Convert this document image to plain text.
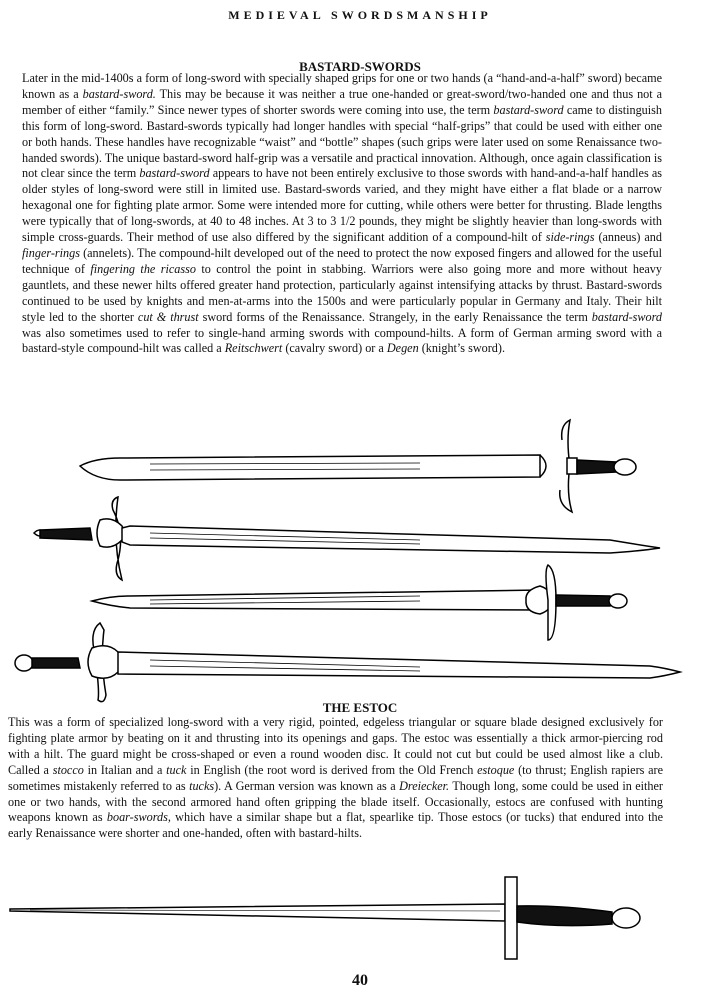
MEDIEVAL SWORDSMANSHIP
BASTARD-SWORDS

Later in the mid-1400s a form of long-sword with specially shaped grips for one or two hands (a “hand-and-a-half” sword) became known as a bastard-sword. This may be because it was neither a true one-handed or great-sword/two-handed one and thus not a member of either “family.” Since newer types of shorter swords were coming into use, the term bastard-sword came to distinguish this form of long-sword. Bastard-swords typically had longer handles with special “half-grips” that could be used with either one or both hands. These handles have recognizable “waist” and “bottle” shapes (such grips were later used on some Renaissance two-handed swords). The unique bastard-sword half-grip was a versatile and practical innovation. Although, once again classification is not clear since the term bastard-sword appears to have not been entirely exclusive to those swords with hand-and-a-half handles as older styles of long-sword were still in limited use. Bastard-swords varied, and they might have either a flat blade or a narrow hexagonal one for fighting plate armor. Some were intended more for cutting, while others were better for thrusting. Blade lengths were typically that of long-swords, at 40 to 48 inches. At 3 to 3 1/2 pounds, they might be slightly heavier than long-swords with simple cross-guards. Their method of use also differed by the significant addition of a compound-hilt of side-rings (anneus) and finger-rings (annelets). The compound-hilt developed out of the need to protect the now exposed fingers and allowed for the useful technique of fingering the ricasso to control the point in stabbing. Warriors were also going more and more without heavy gauntlets, and these newer hilts offered greater hand protection, particularly against intensifying attacks by thrust. Bastard-swords continued to be used by knights and men-at-arms into the 1500s and were particularly popular in Germany and Italy. Their hilt style led to the shorter cut & thrust sword forms of the Renaissance. Strangely, in the early Renaissance the term bastard-sword was also sometimes used to refer to single-hand arming swords with compound-hilts. A form of German arming sword with a bastard-style compound-hilt was called a Reitschwert (cavalry sword) or a Degen (knight’s sword).

THE ESTOC

This was a form of specialized long-sword with a very rigid, pointed, edgeless triangular or square blade designed exclusively for fighting plate armor by beating on it and thrusting into its openings and gaps. The estoc was essentially a thick armor-piercing rod with a hilt. The guard might be cross-shaped or even a round wooden disc. It could not cut but could be used almost like a club. Called a stocco in Italian and a tuck in English (the root word is derived from the Old French estoque (to thrust; English rapiers are sometimes mistakenly referred to as tucks). A German version was known as a Dreiecker. Though long, some could be used in either one or two hands, with the second armored hand often gripping the blade itself. Occasionally, estocs are confused with hunting weapons known as boar-swords, which have a similar shape but a flat, spearlike tip. Those estocs (or tucks) that endured into the early Renaissance were shorter and one-handed, often with bastard-hilts.

40
